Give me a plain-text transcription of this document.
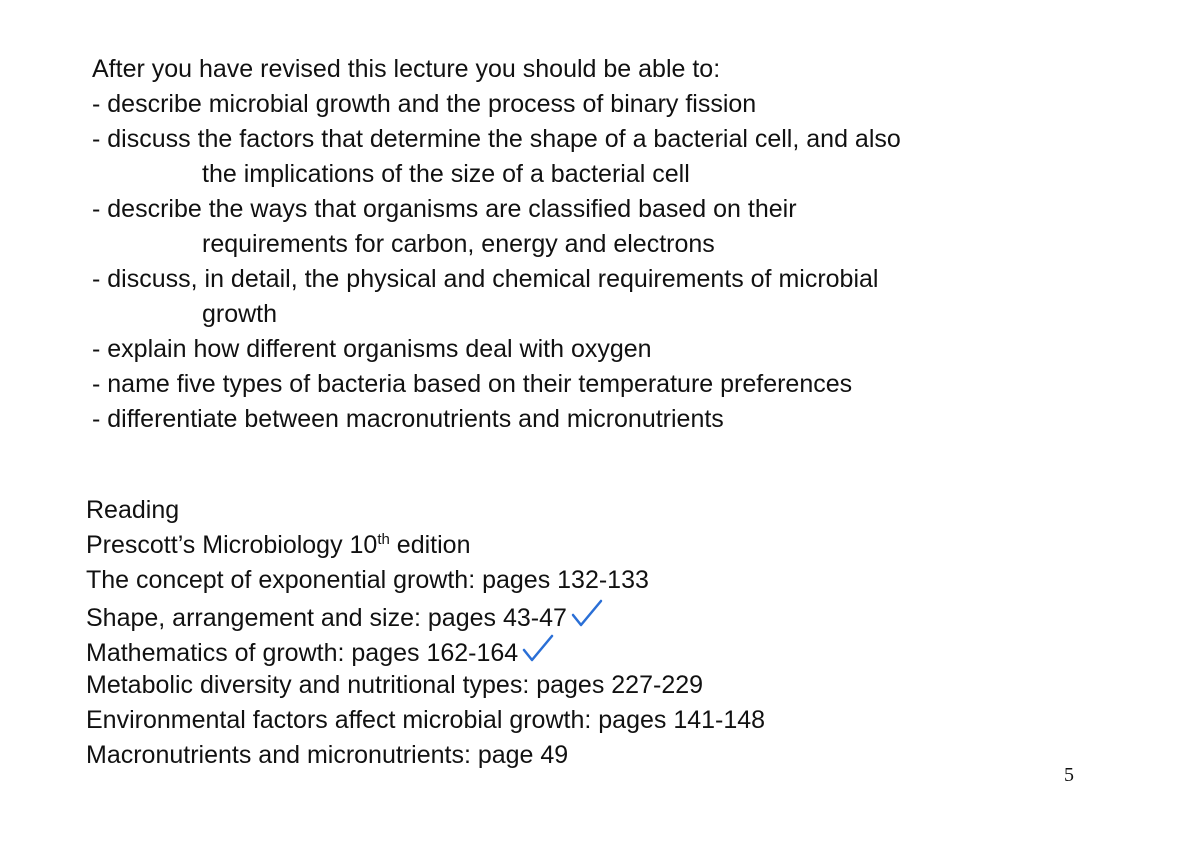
After you have revised this lecture you should be able to:
- describe microbial growth and the process of binary fission
- discuss the factors that determine the shape of a bacterial cell, and also
the implications of the size of a bacterial cell
- describe the ways that organisms are classified based on their
requirements for carbon, energy and electrons
- discuss, in detail, the physical and chemical requirements of microbial
growth
- explain how different organisms deal with oxygen
- name five types of bacteria based on their temperature preferences
- differentiate between macronutrients and micronutrients
Reading
Prescott’s Microbiology 10th edition
The concept of exponential growth: pages 132-133
Shape, arrangement and size: pages 43-47
Mathematics of growth: pages 162-164
Metabolic diversity and nutritional types: pages 227-229
Environmental factors affect microbial growth: pages 141-148
Macronutrients and micronutrients: page 49
5
